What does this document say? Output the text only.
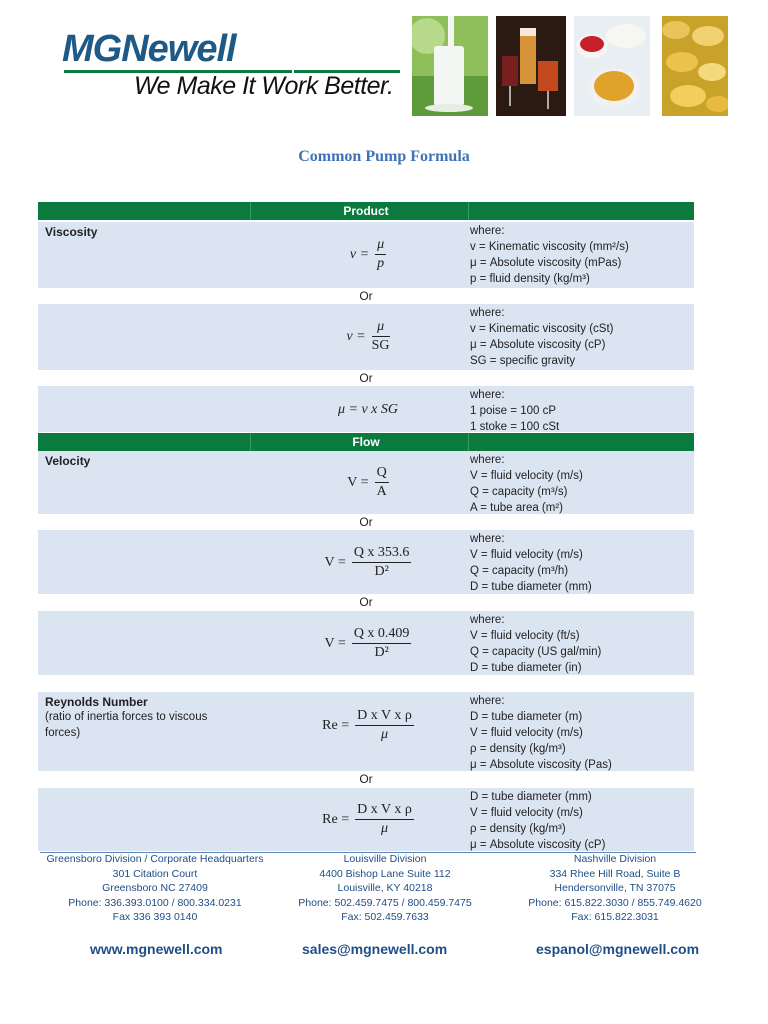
MGNewell
We Make It Work Better.
Common Pump Formula
Product
Viscosity
$v = \frac{\mu}{p}$
where:
v = Kinematic viscosity (mm²/s)
μ = Absolute viscosity (mPas)
p = fluid density (kg/m³)
Or
$v = \frac{\mu}{SG}$
where:
v = Kinematic viscosity (cSt)
μ = Absolute viscosity (cP)
SG = specific gravity
Or
μ = v x SG
where:
1 poise = 100 cP
1 stoke = 100 cSt
Flow
Velocity
$V = \frac{Q}{A}$
where:
V = fluid velocity (m/s)
Q = capacity (m³/s)
A = tube area (m²)
Or
$V = \frac{\text{Q x 353.6}}{\text{D²}}$
where:
V = fluid velocity (m/s)
Q = capacity (m³/h)
D = tube diameter (mm)
Or
$V = \frac{\text{Q x 0.409}}{\text{D²}}$
where:
V = fluid velocity (ft/s)
Q = capacity (US gal/min)
D = tube diameter (in)
Reynolds Number
(ratio of inertia forces to viscous forces)
$Re = \frac{\text{D x V x ρ}}{\mu}$
where:
D = tube diameter (m)
V = fluid velocity (m/s)
ρ = density (kg/m³)
μ = Absolute viscosity (Pas)
Or
$Re = \frac{\text{D x V x ρ}}{\mu}$
D = tube diameter (mm)
V = fluid velocity (m/s)
ρ = density (kg/m³)
μ = Absolute viscosity (cP)
Greensboro Division / Corporate Headquarters
301 Citation Court
Greensboro NC 27409
Phone: 336.393.0100 / 800.334.0231
Fax 336 393 0140
Louisville Division
4400 Bishop Lane Suite 112
Louisville, KY 40218
Phone: 502.459.7475 / 800.459.7475
Fax: 502.459.7633
Nashville Division
334 Rhee Hill Road, Suite B
Hendersonville, TN 37075
Phone: 615.822.3030 / 855.749.4620
Fax: 615.822.3031
www.mgnewell.com	sales@mgnewell.com	espanol@mgnewell.com
